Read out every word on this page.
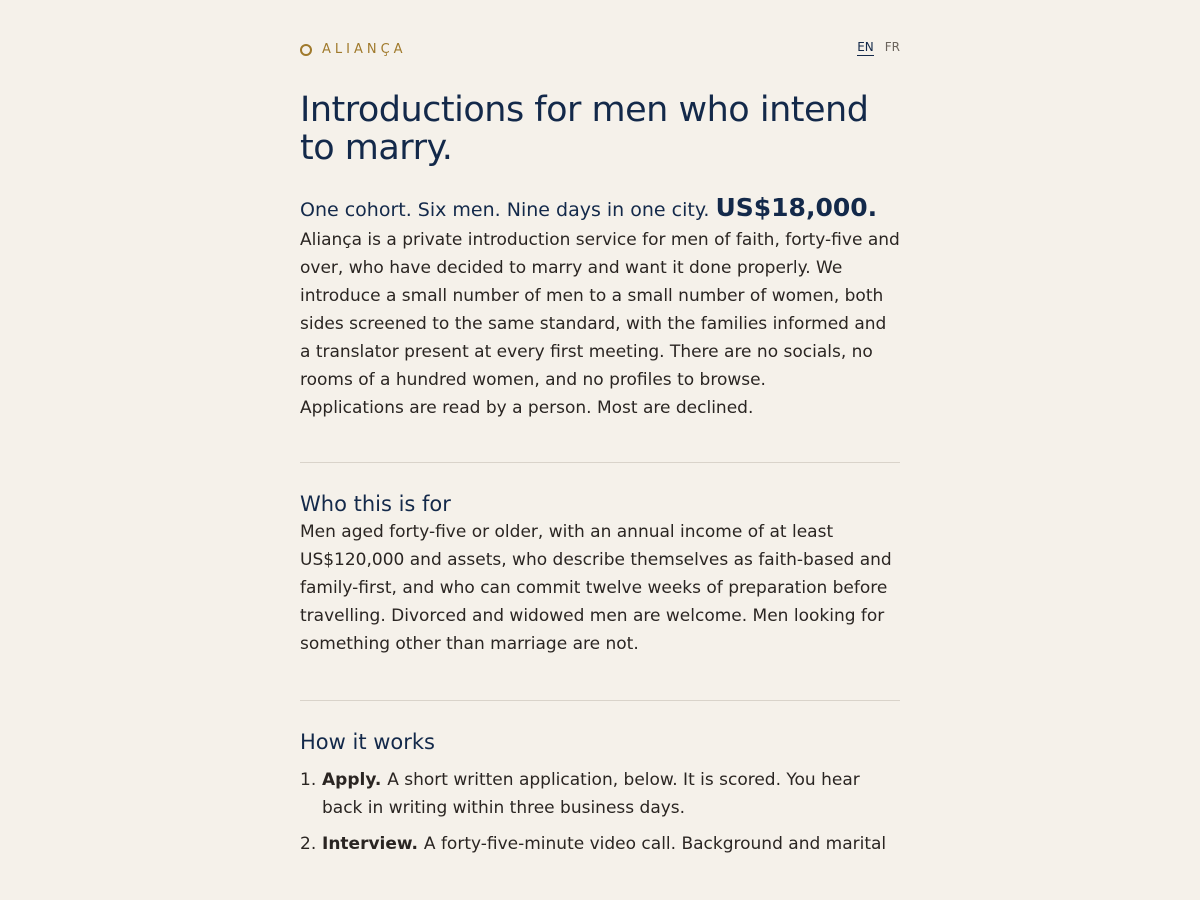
ALIANÇA	EN FR
Introductions for men who intend to marry.
One cohort. Six men. Nine days in one city. US$18,000.

Aliança is a private introduction service for men of faith, forty-five and over, who have decided to marry and want it done properly. We introduce a small number of men to a small number of women, both sides screened to the same standard, with the families informed and a translator present at every first meeting. There are no socials, no rooms of a hundred women, and no profiles to browse.

Applications are read by a person. Most are declined.

Who this is for

Men aged forty-five or older, with an annual income of at least US$120,000 and assets, who describe themselves as faith-based and family-first, and who can commit twelve weeks of preparation before travelling. Divorced and widowed men are welcome. Men looking for something other than marriage are not.

How it works
1. Apply. A short written application, below. It is scored. You hear back in writing within three business days.
2. Interview. A forty-five-minute video call. Background and marital
